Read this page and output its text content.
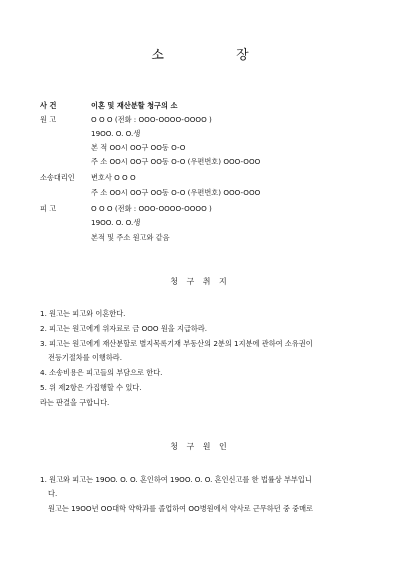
소 장
사 건	이혼 및 재산분할 청구의 소
원 고	O O O (전화 : OOO-OOOO-OOOO )
19OO. O. O.생
본 적 OO시 OO구 OO동 O-O
주 소 OO시 OO구 OO동 O-O (우편번호) OOO-OOO
소송대리인 변호사 O O O
주 소 OO시 OO구 OO동 O-O (우편번호) OOO-OOO
피 고	O O O (전화 : OOO-OOOO-OOOO )
19OO. O. O.생
본적 및 주소 원고와 같음
청 구 취 지
1. 원고는 피고와 이혼한다.
2. 피고는 원고에게 위자료로 금 OOO 원을 지급하라.
3. 피고는 원고에게 재산분할로 별지목록기재 부동산의 2분의 1지분에 관하여 소유권이
전등기절차를 이행하라.
4. 소송비용은 피고들의 부담으로 한다.
5. 위 제2항은 가집행할 수 있다.
라는 판결을 구합니다.
청 구 원 인
1. 원고와 피고는 19OO. O. O. 혼인하여 19OO. O. O. 혼인신고를 한 법률상 부부입니
다.
원고는 19OO년 OO대학 약학과를 졸업하여 OO병원에서 약사로 근무하던 중 중매로
